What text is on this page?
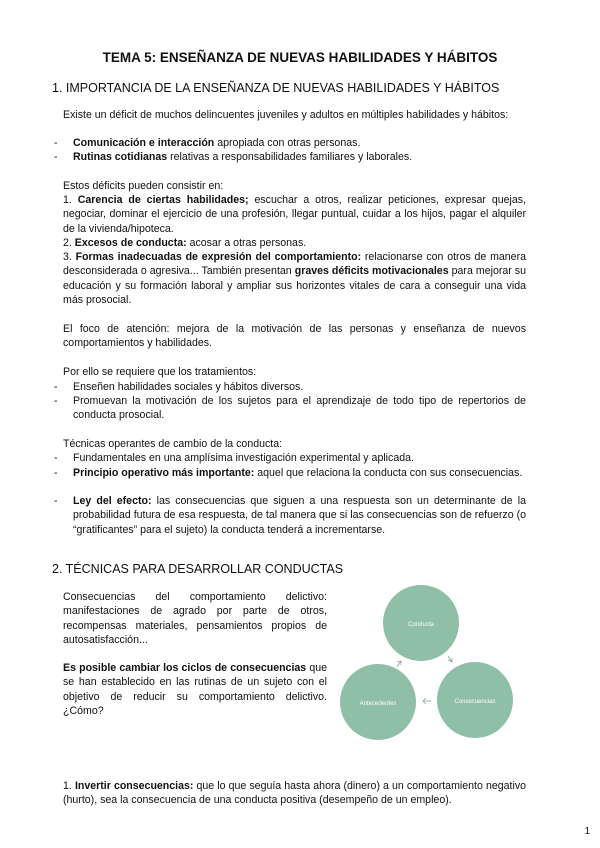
TEMA 5: ENSEÑANZA DE NUEVAS HABILIDADES Y HÁBITOS
1. IMPORTANCIA DE LA ENSEÑANZA DE NUEVAS HABILIDADES Y HÁBITOS
Existe un déficit de muchos delincuentes juveniles y adultos en múltiples habilidades y hábitos:
- Comunicación e interacción apropiada con otras personas.
- Rutinas cotidianas relativas a responsabilidades familiares y laborales.
Estos déficits pueden consistir en:
1. Carencia de ciertas habilidades; escuchar a otros, realizar peticiones, expresar quejas, negociar, dominar el ejercicio de una profesión, llegar puntual, cuidar a los hijos, pagar el alquiler de la vivienda/hipoteca.
2. Excesos de conducta: acosar a otras personas.
3. Formas inadecuadas de expresión del comportamiento: relacionarse con otros de manera desconsiderada o agresiva... También presentan graves déficits motivacionales para mejorar su educación y su formación laboral y ampliar sus horizontes vitales de cara a conseguir una vida más prosocial.
El foco de atención: mejora de la motivación de las personas y enseñanza de nuevos comportamientos y habilidades.
Por ello se requiere que los tratamientos:
- Enseñen habilidades sociales y hábitos diversos.
- Promuevan la motivación de los sujetos para el aprendizaje de todo tipo de repertorios de conducta prosocial.
Técnicas operantes de cambio de la conducta:
- Fundamentales en una amplísima investigación experimental y aplicada.
- Principio operativo más importante: aquel que relaciona la conducta con sus consecuencias.
- Ley del efecto: las consecuencias que siguen a una respuesta son un determinante de la probabilidad futura de esa respuesta, de tal manera que si las consecuencias son de refuerzo (o “gratificantes” para el sujeto) la conducta tenderá a incrementarse.
2. TÉCNICAS PARA DESARROLLAR CONDUCTAS
Consecuencias del comportamiento delictivo: manifestaciones de agrado por parte de otros, recompensas materiales, pensamientos propios de autosatisfacción...
Es posible cambiar los ciclos de consecuencias que se han establecido en las rutinas de un sujeto con el objetivo de reducir su comportamiento delictivo. ¿Cómo?
Conducta
Consecuencias
Antecedentes
1. Invertir consecuencias: que lo que seguía hasta ahora (dinero) a un comportamiento negativo (hurto), sea la consecuencia de una conducta positiva (desempeño de un empleo).
1
